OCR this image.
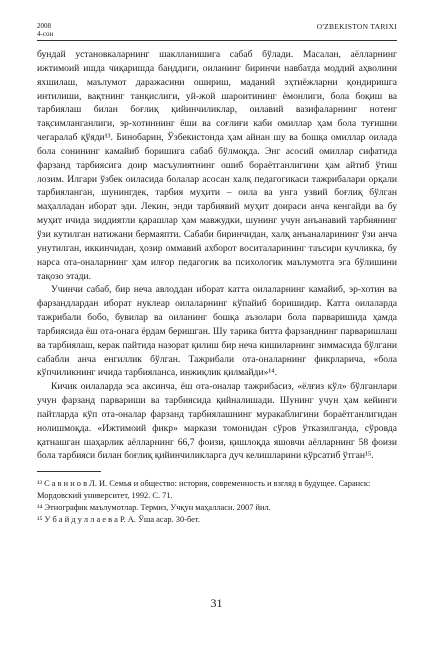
2008
4-сон
O'ZBEKISTON TARIXI

бундай установкаларнинг шаклланишига сабаб бўлади. Масалан, аёлларнинг ижтимоий ишда чиқаришда банддиги, оиланинг биринчи навбатда моддий аҳволини яхшилаш, маълумот даражасини ошириш, маданий эҳтиёжларни қондиришга интилиши, вақтнинг танқислиги, уй-жой шароитининг ёмонлиги, бола боқиш ва тарбиялаш билан боғлиқ қийинчиликлар, оилавий вазифаларнинг нотенг тақсимланганлиги, эр-хотиннинг ёши ва соғлиғи каби омиллар ҳам бола туғишни чегаралаб қўяди¹³. Бинобарин, Ўзбекистонда ҳам айнан шу ва бошқа омиллар оилада бола сонининг камайиб боришига сабаб бўлмоқда. Энг асосий омиллар сифатида фарзанд тарбиясига доир масъулиятнинг ошиб бораётганлигини ҳам айтиб ўтиш лозим. Илгари ўзбек оиласида болалар асосан халқ педагогикаси тажрибалари орқали тарбияланган, шунингдек, тарбия муҳити – оила ва унга узвий боғлиқ бўлган маҳалладан иборат эди. Лекин, энди тарбиявий муҳит доираси анча кенгайди ва бу муҳит ичида зиддиятли қарашлар ҳам мавжудки, шунинг учун анъанавий тарбиянинг ўзи кутилган натижани бермаяпти. Сабаби биринчидан, халқ анъаналарининг ўзи анча унутилган, иккинчидан, ҳозир оммавий ахборот воситаларининг таъсири кучликка, бу нарса ота-оналарнинг ҳам илғор педагогик ва психологик маълумотга эга бўлишини тақозо этади.

Учинчи сабаб, бир неча авлоддан иборат катта оилаларнинг камайиб, эр-хотин ва фарзандлардан иборат нуклеар оилаларнинг кўпайиб боришидир. Катта оилаларда тажрибали бобо, бувилар ва оиланинг бошқа аъзолари бола парваришида ҳамда тарбиясида ёш ота-онага ёрдам беришган. Шу тарика битта фарзанднинг парваришлаш ва тарбиялаш, керак пайтида назорат қилиш бир неча кишиларнинг зиммасида бўлгани сабабли анча енгиллик бўлган. Тажрибали ота-оналарнинг фикрларича, «бола кўпчиликнинг ичида тарбияланса, инжиқлик қилмайди»¹⁴.

Кичик оилаларда эса аксинча, ёш ота-оналар тажрибасиз, «ёлғиз кўл» бўлганлари учун фарзанд парвариши ва тарбиясида қийналишади. Шунинг учун ҳам кейинги пайтларда кўп ота-оналар фарзанд тарбиялашнинг муракаблигини бораётганлигидан нолишмоқда. «Ижтимоий фикр» маркази томонидан сўров ўтказилганда, сўровда қатнашган шаҳарлик аёлларнинг 66,7 фоизи, қишлоқда яшовчи аёлларнинг 58 фоизи бола тарбияси билан боғлиқ қийинчиликларга дуч келишларини кўрсатиб ўтган¹⁵.

¹³ С а в и н о в Л. И. Семья и общество: история, современность и взгляд в будущее. Саранск: Мордовский университет, 1992. С. 71.
¹⁴ Этнографик маълумотлар. Термиз, Учқун маҳалласи. 2007 йил.
¹⁵ У б а й д у л л а е в а Р. А. Ўша асар. 30-бет.
31
